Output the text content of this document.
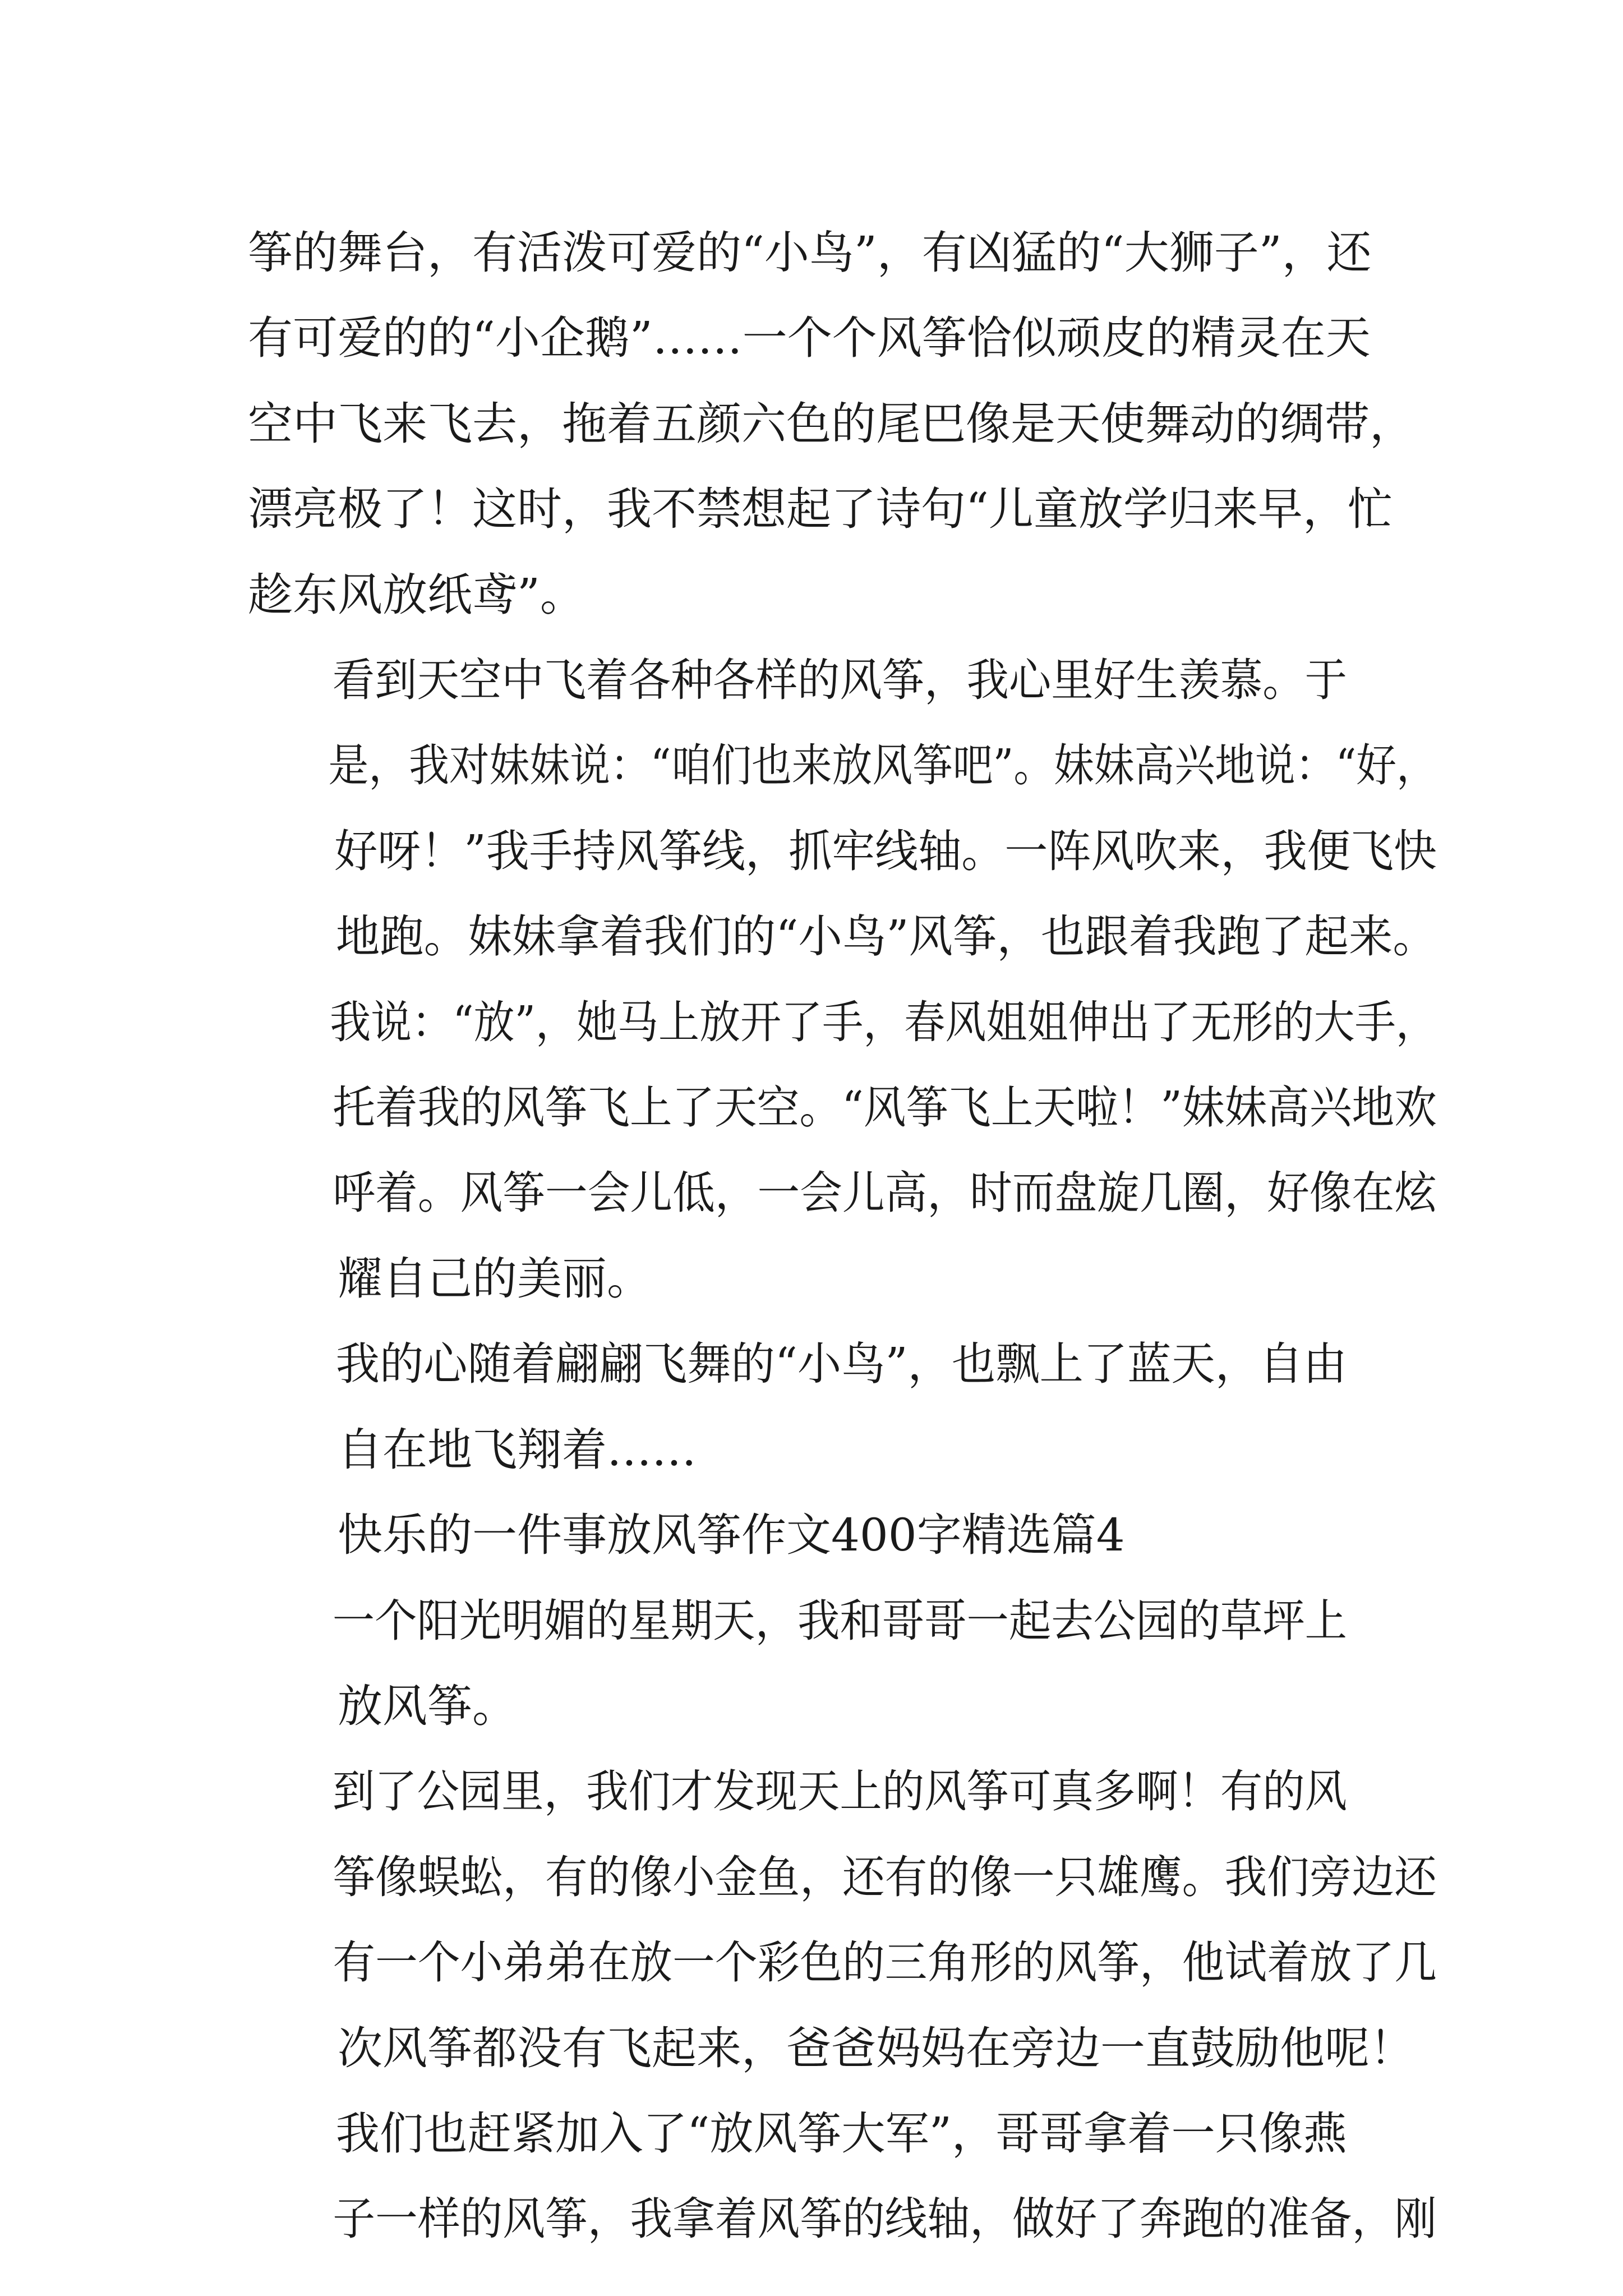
筝的舞台，有活泼可爱的“小鸟”，有凶猛的“大狮子”，还
有可爱的的“小企鹅”……一个个风筝恰似顽皮的精灵在天
空中飞来飞去，拖着五颜六色的尾巴像是天使舞动的绸带，
漂亮极了！这时，我不禁想起了诗句“儿童放学归来早，忙
趁东风放纸鸢”。
看到天空中飞着各种各样的风筝，我心里好生羡慕。于
是，我对妹妹说：“咱们也来放风筝吧”。妹妹高兴地说：“好，
好呀！”我手持风筝线，抓牢线轴。一阵风吹来，我便飞快
地跑。妹妹拿着我们的“小鸟”风筝，也跟着我跑了起来。
我说：“放”，她马上放开了手，春风姐姐伸出了无形的大手，
托着我的风筝飞上了天空。“风筝飞上天啦！”妹妹高兴地欢
呼着。风筝一会儿低，一会儿高，时而盘旋几圈，好像在炫
耀自己的美丽。
我的心随着翩翩飞舞的“小鸟”，也飘上了蓝天，自由
自在地飞翔着……
快乐的一件事放风筝作文400字精选篇4
一个阳光明媚的星期天，我和哥哥一起去公园的草坪上
放风筝。
到了公园里，我们才发现天上的风筝可真多啊！有的风
筝像蜈蚣，有的像小金鱼，还有的像一只雄鹰。我们旁边还
有一个小弟弟在放一个彩色的三角形的风筝，他试着放了几
次风筝都没有飞起来，爸爸妈妈在旁边一直鼓励他呢！
我们也赶紧加入了“放风筝大军”，哥哥拿着一只像燕
子一样的风筝，我拿着风筝的线轴，做好了奔跑的准备，刚
